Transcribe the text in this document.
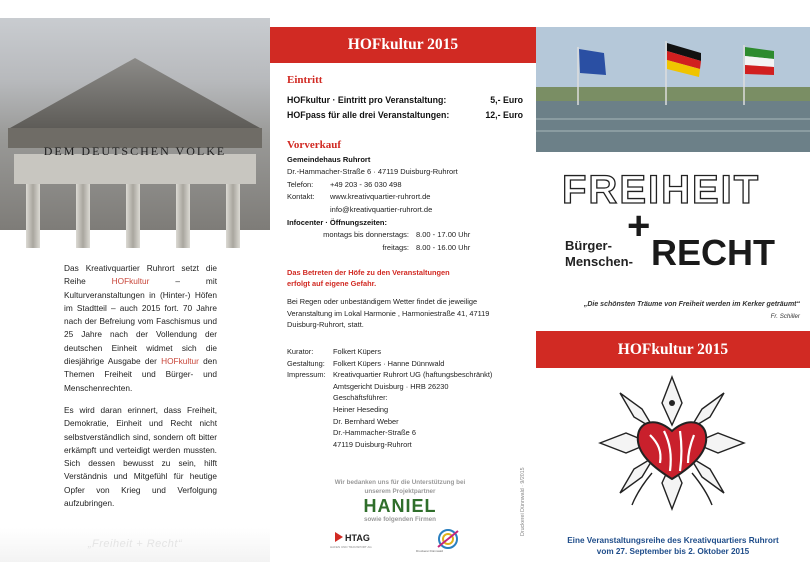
DEM DEUTSCHEN VOLKE

Das Kreativquartier Ruhrort setzt die Reihe HOFkultur – mit Kulturveranstaltungen in (Hinter-) Höfen im Stadtteil – auch 2015 fort. 70 Jahre nach der Befreiung vom Faschismus und 25 Jahre nach der Vollendung der deutschen Einheit widmet sich die diesjährige Ausgabe der HOFkultur den Themen Freiheit und Bürger- und Menschenrechten.

Es wird daran erinnert, dass Freiheit, Demokratie, Einheit und Recht nicht selbstverständlich sind, sondern oft bitter erkämpft und verteidigt werden mussten. Sich dessen bewusst zu sein, hilft Verständnis und Mitgefühl für heutige Opfer von Krieg und Verfolgung aufzubringen.

„Freiheit + Recht“
HOFkultur 2015
Eintritt
HOFkultur · Eintritt pro Veranstaltung:	5,- Euro
HOFpass für alle drei Veranstaltungen:	12,- Euro
Vorverkauf
Gemeindehaus Ruhrort
Dr.-Hammacher-Straße 6 · 47119 Duisburg-Ruhrort
Telefon: +49 203 - 36 030 498
Kontakt: www.kreativquartier-ruhrort.de
info@kreativquartier-ruhrort.de
Infocenter · Öffnungszeiten:
montags bis donnerstags: 8.00 - 17.00 Uhr
freitags: 8.00 - 16.00 Uhr
Das Betreten der Höfe zu den Veranstaltungen
erfolgt auf eigene Gefahr.
Bei Regen oder unbeständigem Wetter findet die jeweilige Veranstaltung im Lokal Harmonie , Harmoniestraße 41, 47119 Duisburg-Ruhrort, statt.
Kurator:	Folkert Küpers
Gestaltung:	Folkert Küpers · Hanne Dünnwald
Impressum:	Kreativquartier Ruhrort UG (haftungsbeschränkt)
	Amtsgericht Duisburg · HRB 26230
	Geschäftsführer:
	Heiner Heseding
	Dr. Bernhard Weber
	Dr.-Hammacher-Straße 6
	47119 Duisburg-Ruhrort
Wir bedanken uns für die Unterstützung bei
unserem Projektpartner
HANIEL
sowie folgenden Firmen
HTAG
HAFEN UND TRANSPORT AG
Druckerei Dünnwald
Druckerei Dünnwald · 9/2015
FREIHEIT
+
Bürger-
Menschen- RECHT
„Die schönsten Träume von Freiheit werden im Kerker geträumt“
Fr. Schiller
HOFkultur 2015
Eine Veranstaltungsreihe des Kreativquartiers Ruhrort
vom 27. September bis 2. Oktober 2015
